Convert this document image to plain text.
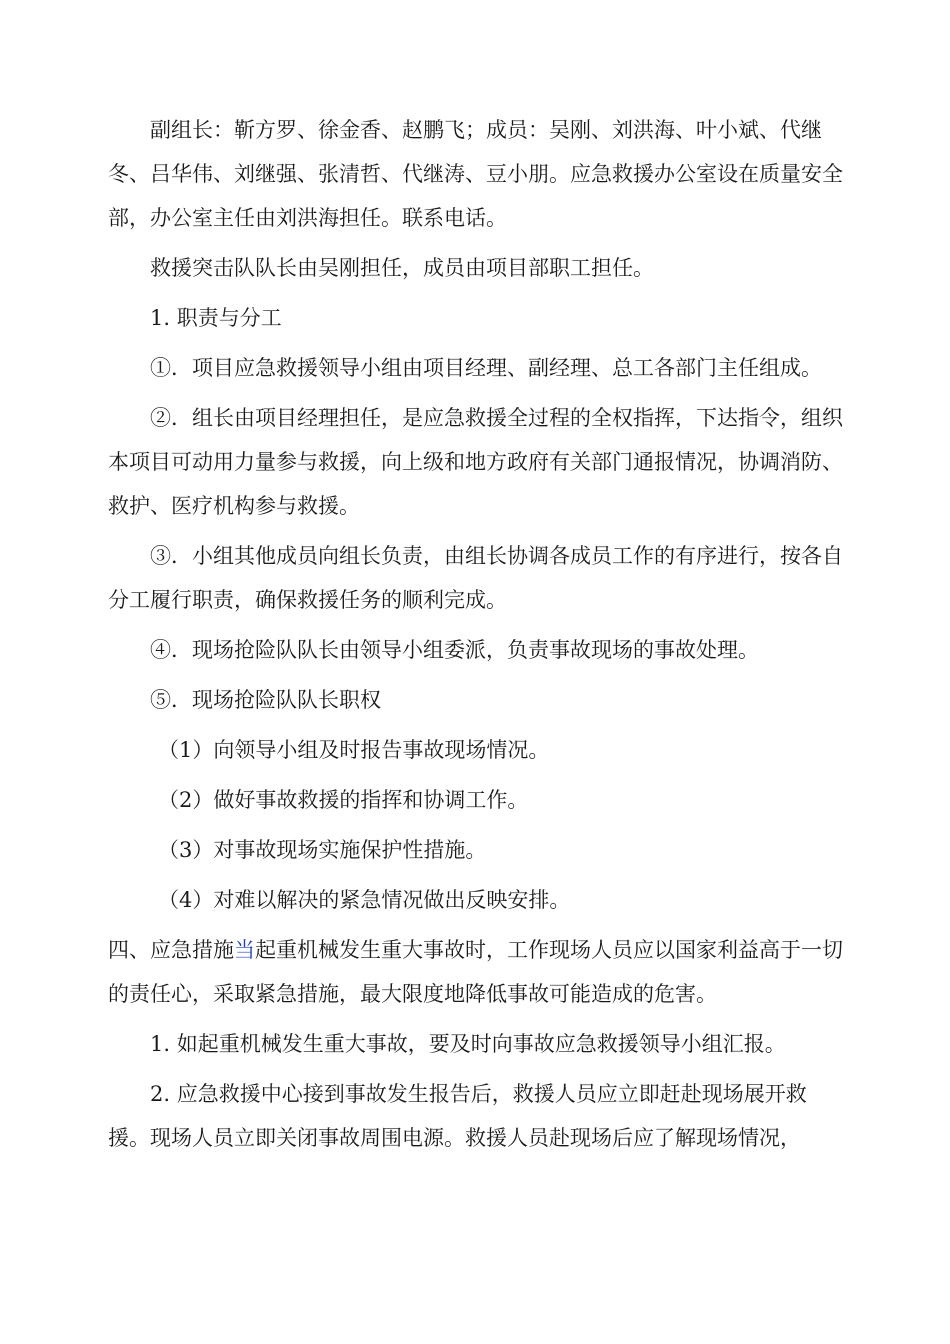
副组长：靳方罗、徐金香、赵鹏飞；成员：吴刚、刘洪海、叶小斌、代继冬、吕华伟、刘继强、张清哲、代继涛、豆小朋。应急救援办公室设在质量安全部，办公室主任由刘洪海担任。联系电话。

救援突击队队长由吴刚担任，成员由项目部职工担任。

1. 职责与分工

①．项目应急救援领导小组由项目经理、副经理、总工各部门主任组成。

②．组长由项目经理担任，是应急救援全过程的全权指挥，下达指令，组织本项目可动用力量参与救援，向上级和地方政府有关部门通报情况，协调消防、救护、医疗机构参与救援。

③．小组其他成员向组长负责，由组长协调各成员工作的有序进行，按各自分工履行职责，确保救援任务的顺利完成。

④．现场抢险队队长由领导小组委派，负责事故现场的事故处理。

⑤．现场抢险队队长职权

（1）向领导小组及时报告事故现场情况。

（2）做好事故救援的指挥和协调工作。

（3）对事故现场实施保护性措施。

（4）对难以解决的紧急情况做出反映安排。

四、应急措施当起重机械发生重大事故时，工作现场人员应以国家利益高于一切的责任心，采取紧急措施，最大限度地降低事故可能造成的危害。

1. 如起重机械发生重大事故，要及时向事故应急救援领导小组汇报。

2. 应急救援中心接到事故发生报告后，救援人员应立即赶赴现场展开救援。现场人员立即关闭事故周围电源。救援人员赴现场后应了解现场情况，
